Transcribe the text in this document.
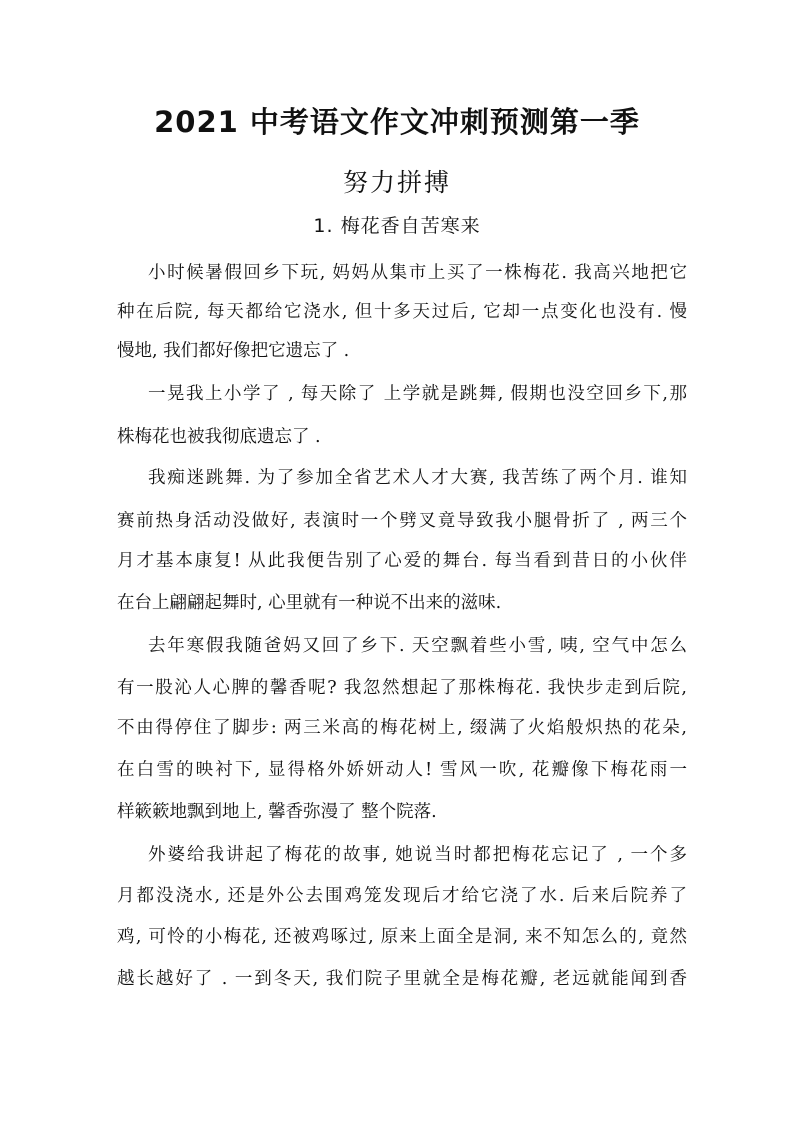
2021 中考语文作文冲刺预测第一季
努力拼搏
1. 梅花香自苦寒来

小时候暑假回乡下玩, 妈妈从集市上买了一株梅花. 我高兴地把它

种在后院, 每天都给它浇水, 但十多天过后, 它却一点变化也没有. 慢

慢地, 我们都好像把它遗忘了 .

一晃我上小学了 , 每天除了 上学就是跳舞, 假期也没空回乡下,那

株梅花也被我彻底遗忘了 .

我痴迷跳舞. 为了参加全省艺术人才大赛, 我苦练了两个月. 谁知

赛前热身活动没做好, 表演时一个劈叉竟导致我小腿骨折了 , 两三个

月才基本康复! 从此我便告别了心爱的舞台. 每当看到昔日的小伙伴

在台上翩翩起舞时, 心里就有一种说不出来的滋味.

去年寒假我随爸妈又回了乡下. 天空飘着些小雪, 咦, 空气中怎么

有一股沁人心脾的馨香呢? 我忽然想起了那株梅花. 我快步走到后院,

不由得停住了脚步: 两三米高的梅花树上, 缀满了火焰般炽热的花朵,

在白雪的映衬下, 显得格外娇妍动人! 雪风一吹, 花瓣像下梅花雨一

样簌簌地飘到地上, 馨香弥漫了 整个院落.

外婆给我讲起了梅花的故事, 她说当时都把梅花忘记了 , 一个多

月都没浇水, 还是外公去围鸡笼发现后才给它浇了水. 后来后院养了

鸡, 可怜的小梅花, 还被鸡啄过, 原来上面全是洞, 来不知怎么的, 竟然

越长越好了 . 一到冬天, 我们院子里就全是梅花瓣, 老远就能闻到香
